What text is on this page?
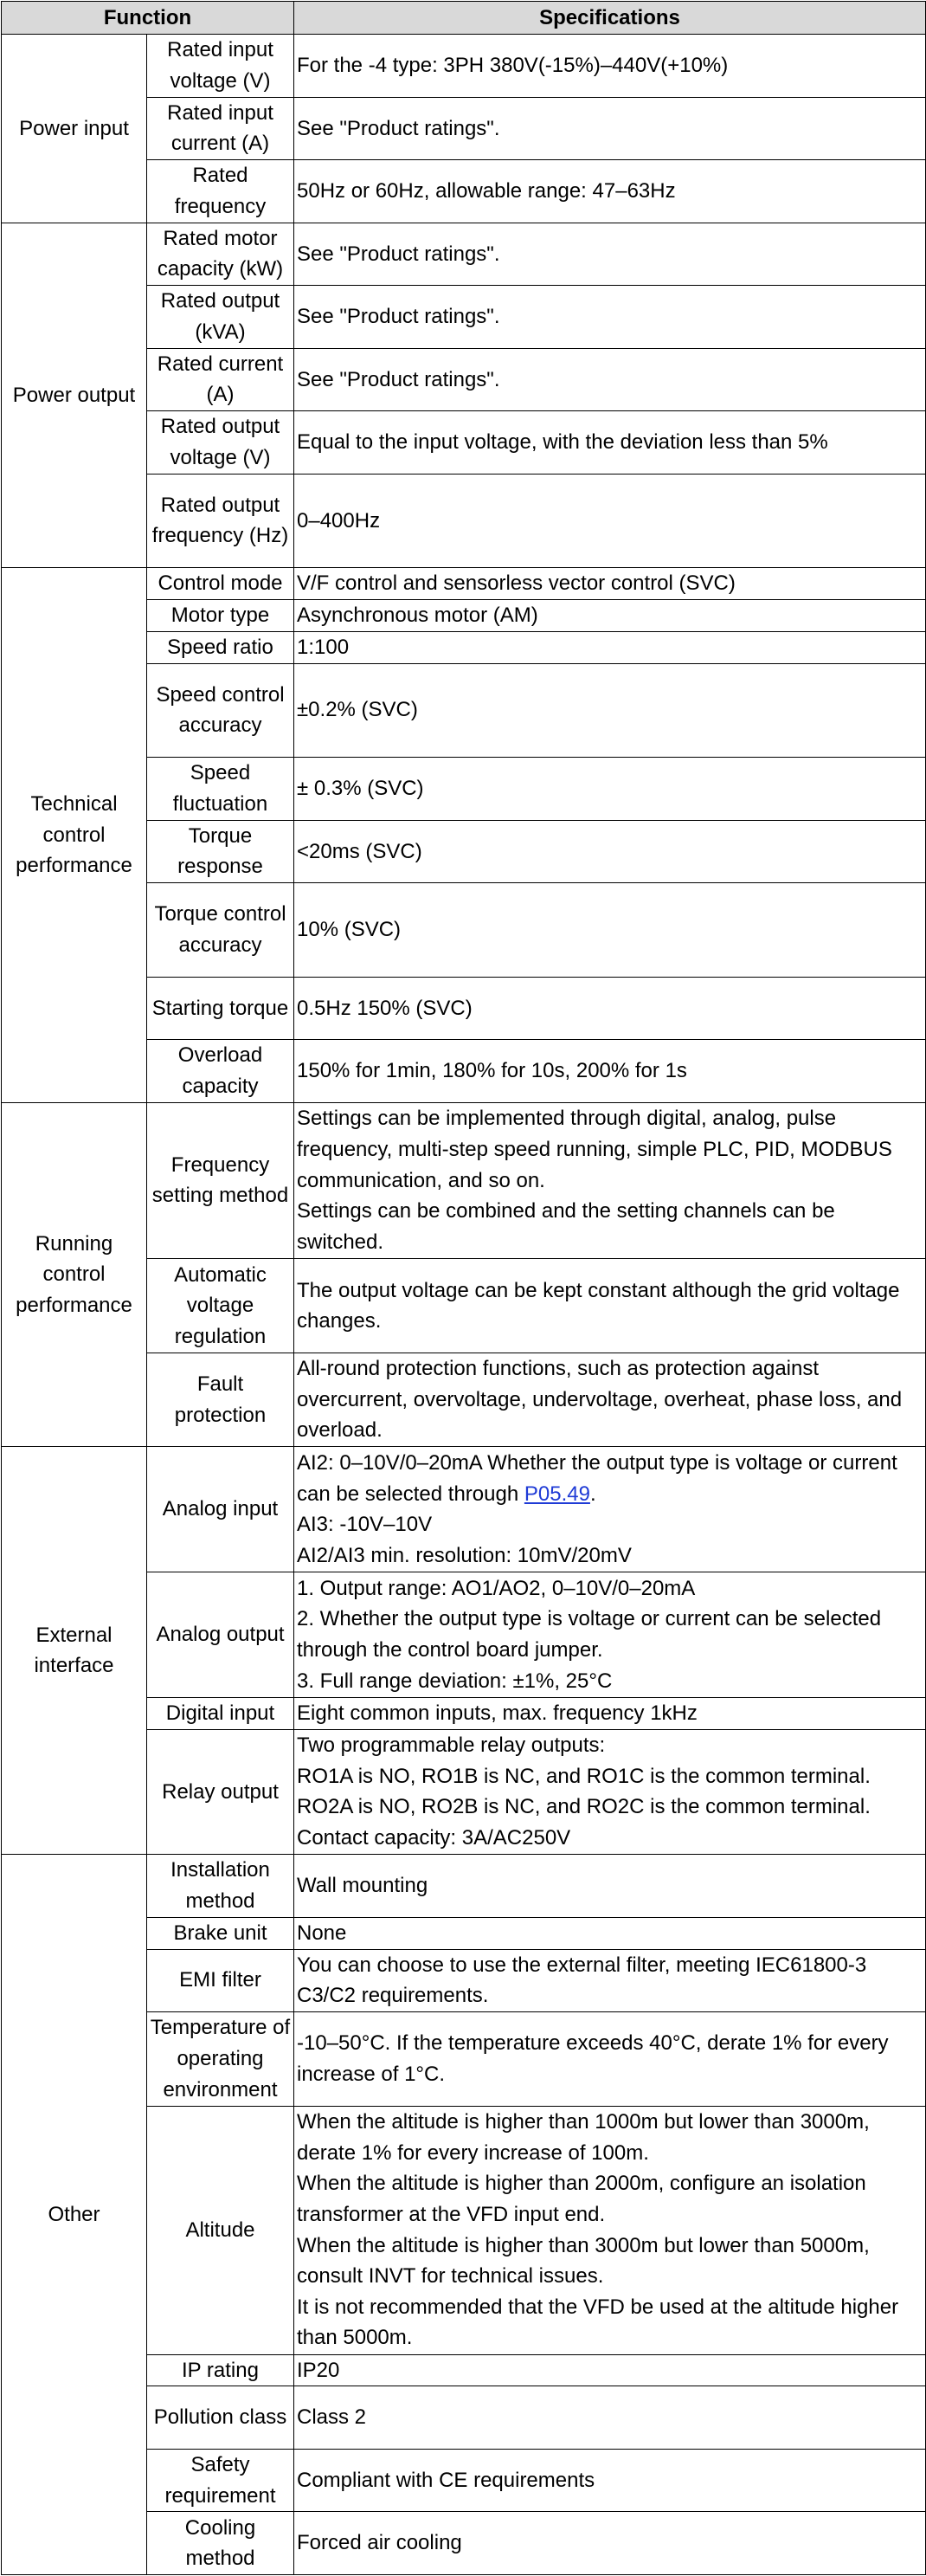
Function		Specifications
Power input	Rated input voltage (V)	For the -4 type: 3PH 380V(-15%)–440V(+10%)

	Rated input current (A)	See "Product ratings".

	Rated frequency	50Hz or 60Hz, allowable range: 47–63Hz

Power output	Rated motor capacity (kW)	See "Product ratings".

	Rated output (kVA)	See "Product ratings".

	Rated current (A)	See "Product ratings".

	Rated output voltage (V)	Equal to the input voltage, with the deviation less than 5%

	Rated output frequency (Hz)	0–400Hz

Technical control performance	Control mode	V/F control and sensorless vector control (SVC)

	Motor type	Asynchronous motor (AM)

	Speed ratio	1:100

	Speed control accuracy	±0.2% (SVC)

	Speed fluctuation	± 0.3% (SVC)

	Torque response	<20ms (SVC)

	Torque control accuracy	10% (SVC)

	Starting torque	0.5Hz 150% (SVC)

	Overload capacity	150% for 1min, 180% for 10s, 200% for 1s

Running control performance	Frequency setting method	Settings can be implemented through digital, analog, pulse frequency, multi-step speed running, simple PLC, PID, MODBUS communication, and so on.
Settings can be combined and the setting channels can be switched.

	Automatic voltage regulation	The output voltage can be kept constant although the grid voltage changes.

	Fault protection	All-round protection functions, such as protection against overcurrent, overvoltage, undervoltage, overheat, phase loss, and overload.

External interface	Analog input	AI2: 0–10V/0–20mA Whether the output type is voltage or current can be selected through P05.49.
AI3: -10V–10V
AI2/AI3 min. resolution: 10mV/20mV

	Analog output	1. Output range: AO1/AO2, 0–10V/0–20mA
2. Whether the output type is voltage or current can be selected through the control board jumper.
3. Full range deviation: ±1%, 25°C

	Digital input	Eight common inputs, max. frequency 1kHz

	Relay output	Two programmable relay outputs:
RO1A is NO, RO1B is NC, and RO1C is the common terminal.
RO2A is NO, RO2B is NC, and RO2C is the common terminal.
Contact capacity: 3A/AC250V

Other	Installation method	Wall mounting

	Brake unit	None

	EMI filter	You can choose to use the external filter, meeting IEC61800-3 C3/C2 requirements.

	Temperature of operating environment	-10–50°C. If the temperature exceeds 40°C, derate 1% for every increase of 1°C.

	Altitude	When the altitude is higher than 1000m but lower than 3000m, derate 1% for every increase of 100m.
When the altitude is higher than 2000m, configure an isolation transformer at the VFD input end.
When the altitude is higher than 3000m but lower than 5000m, consult INVT for technical issues.
It is not recommended that the VFD be used at the altitude higher than 5000m.

	IP rating	IP20

	Pollution class	Class 2

	Safety requirement	Compliant with CE requirements

	Cooling method	Forced air cooling
